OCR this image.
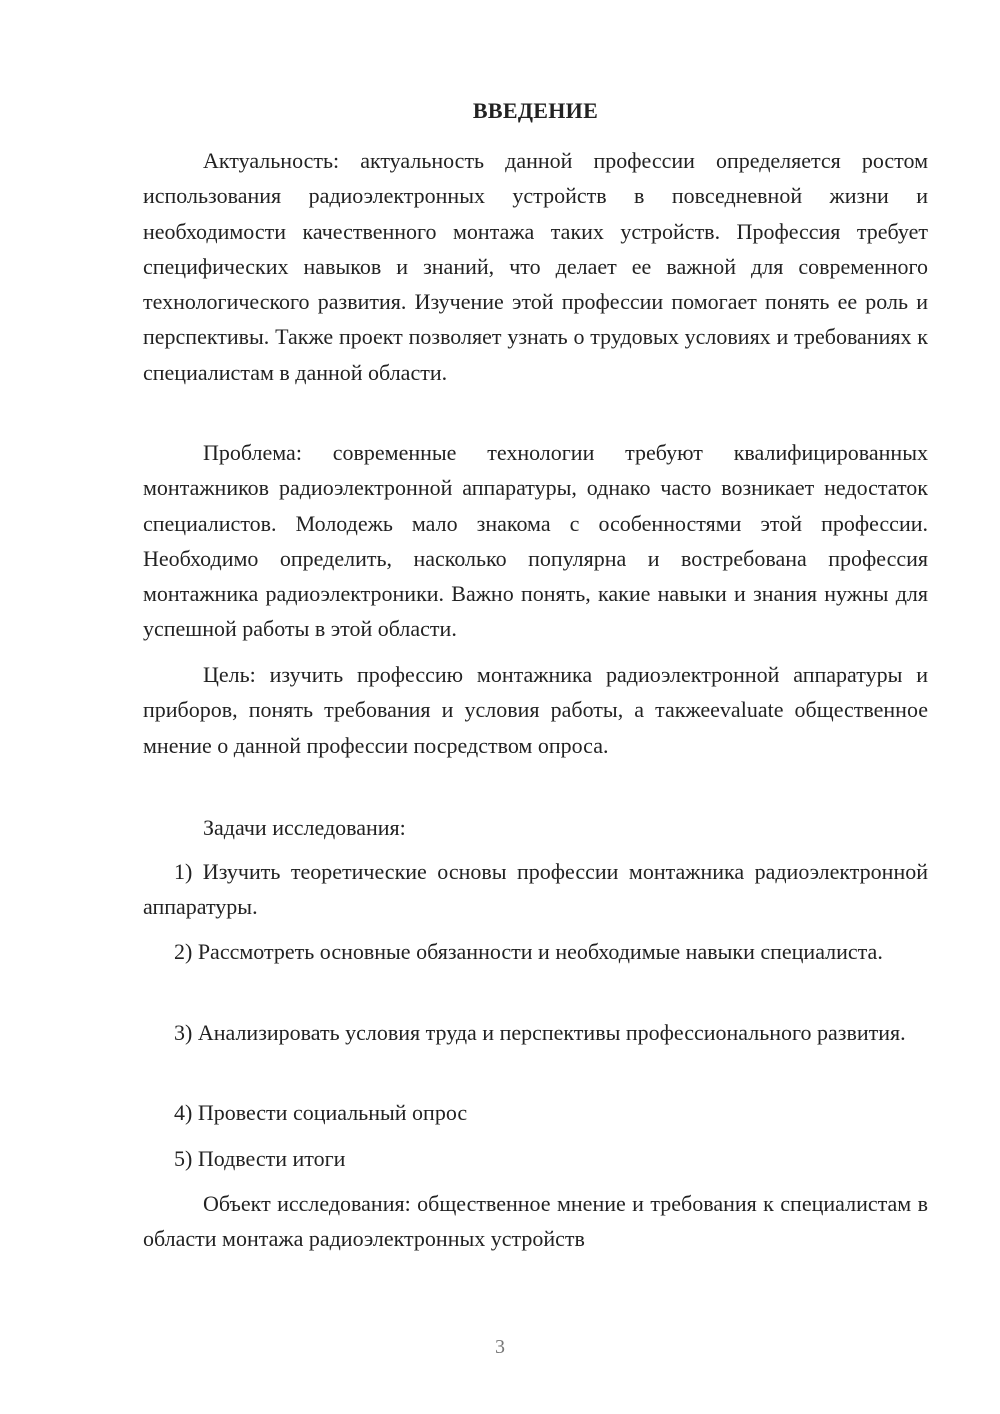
ВВЕДЕНИЕ

Актуальность: актуальность данной профессии определяется ростом использования радиоэлектронных устройств в повседневной жизни и необходимости качественного монтажа таких устройств. Профессия требует специфических навыков и знаний, что делает ее важной для современного технологического развития. Изучение этой профессии помогает понять ее роль и перспективы. Также проект позволяет узнать о трудовых условиях и требованиях к специалистам в данной области.

Проблема: современные технологии требуют квалифицированных монтажников радиоэлектронной аппаратуры, однако часто возникает недостаток специалистов. Молодежь мало знакома с особенностями этой профессии. Необходимо определить, насколько популярна и востребована профессия монтажника радиоэлектроники. Важно понять, какие навыки и знания нужны для успешной работы в этой области.

Цель: изучить профессию монтажника радиоэлектронной аппаратуры и приборов, понять требования и условия работы, а такжеevaluate общественное мнение о данной профессии посредством опроса.

Задачи исследования:

1) Изучить теоретические основы профессии монтажника радиоэлектронной аппаратуры.

2) Рассмотреть основные обязанности и необходимые навыки специалиста.

3) Анализировать условия труда и перспективы профессионального развития.

4) Провести социальный опрос

5) Подвести итоги

Объект исследования: общественное мнение и требования к специалистам в области монтажа радиоэлектронных устройств

3
